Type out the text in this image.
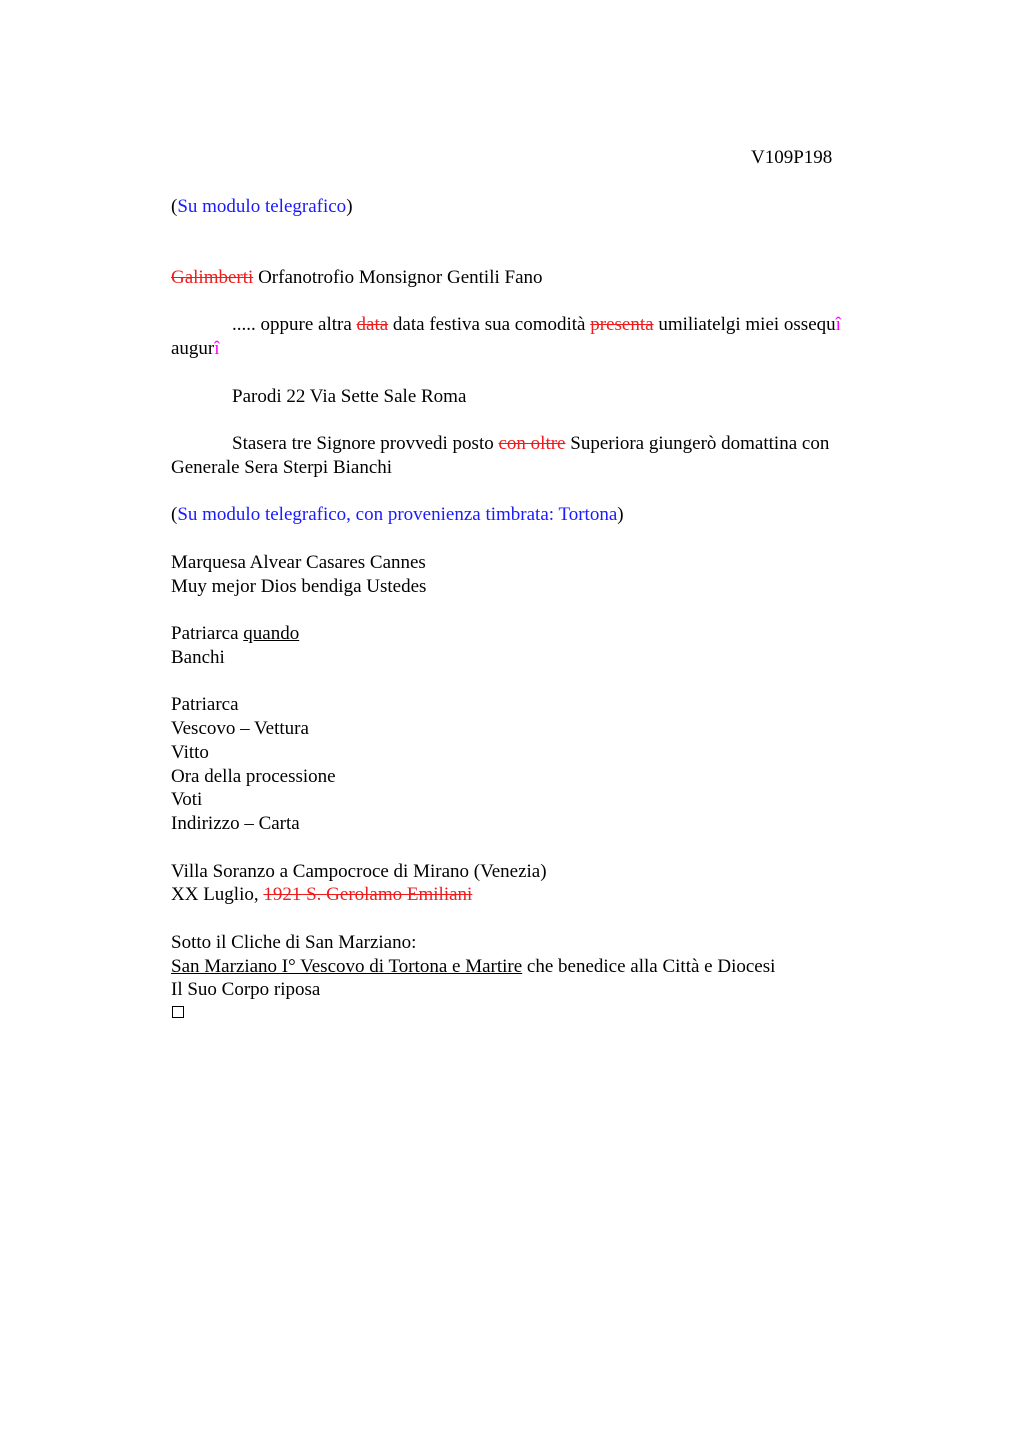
V109P198
(Su modulo telegrafico)
Galimberti Orfanotrofio Monsignor Gentili Fano
..... oppure altra data data festiva sua comodità presenta umiliatelgi miei ossequî
augurî
Parodi 22 Via Sette Sale Roma
Stasera tre Signore provvedi posto con oltre Superiora giungerò domattina con
Generale Sera Sterpi Bianchi
(Su modulo telegrafico, con provenienza timbrata: Tortona)
Marquesa Alvear Casares Cannes
Muy mejor Dios bendiga Ustedes
Patriarca quando
Banchi
Patriarca
Vescovo – Vettura
Vitto
Ora della processione
Voti
Indirizzo – Carta
Villa Soranzo a Campocroce di Mirano (Venezia)
XX Luglio, 1921 S. Gerolamo Emiliani
Sotto il Cliche di San Marziano:
San Marziano I° Vescovo di Tortona e Martire che benedice alla Città e Diocesi
Il Suo Corpo riposa
